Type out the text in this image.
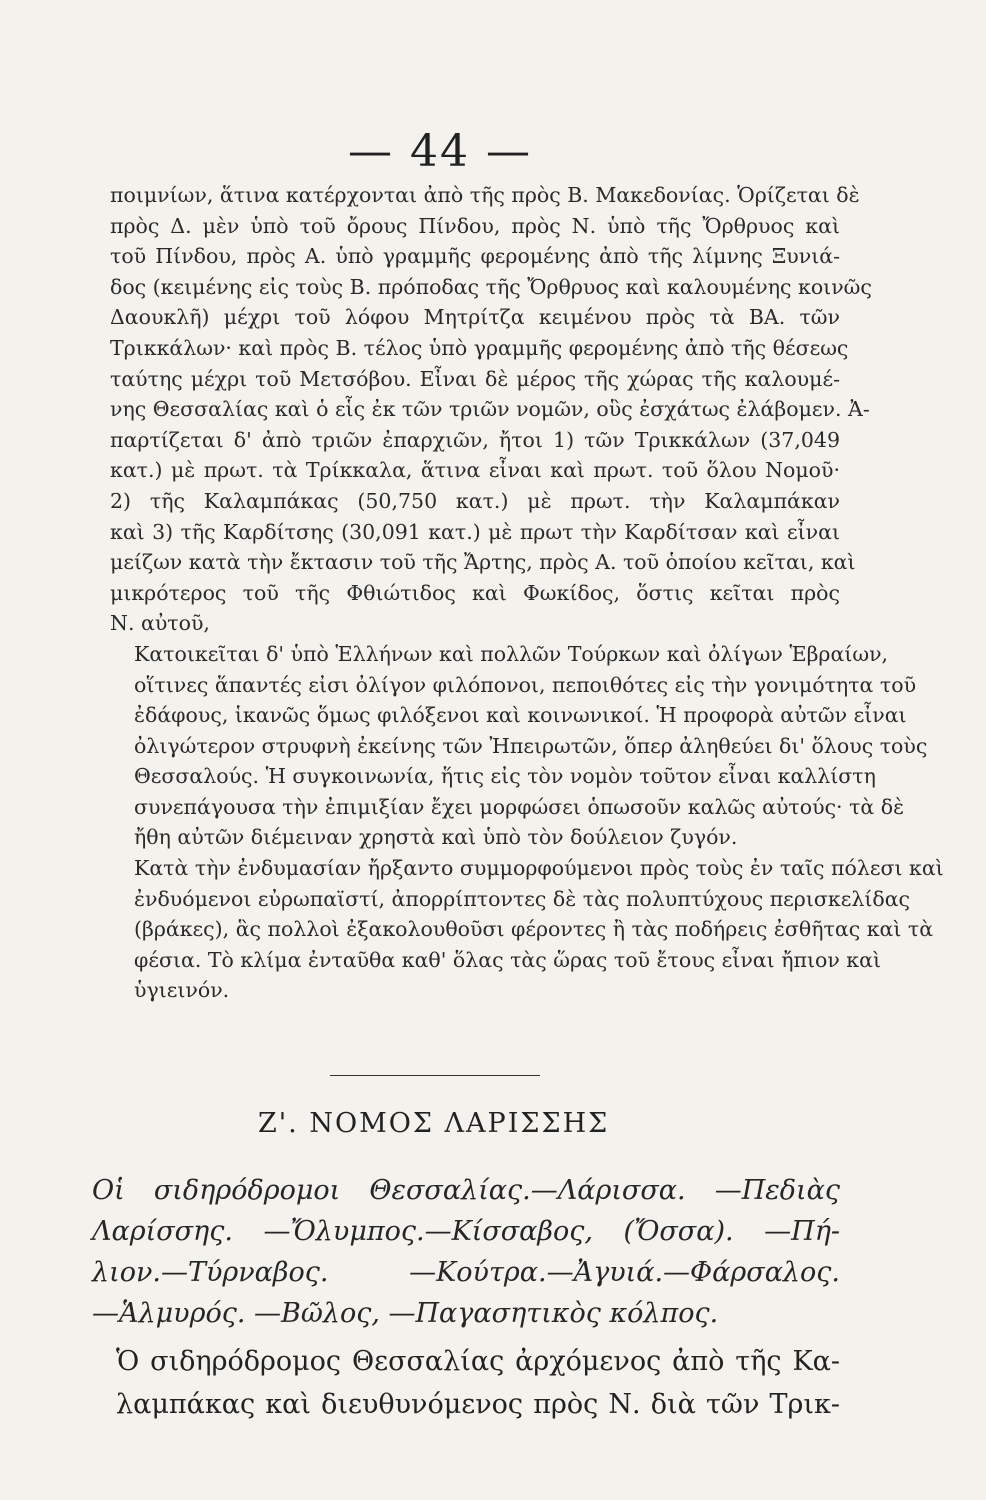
— 44 —

ποιμνίων, ἅτινα κατέρχονται ἀπὸ τῆς πρὸς Β. Μακεδονίας. Ὁρίζεται δὲ
πρὸς Δ. μὲν ὑπὸ τοῦ ὄρους Πίνδου, πρὸς Ν. ὑπὸ τῆς Ὄρθρυος καὶ
τοῦ Πίνδου, πρὸς Α. ὑπὸ γραμμῆς φερομένης ἀπὸ τῆς λίμνης Ξυνιά-
δος (κειμένης εἰς τοὺς Β. πρόποδας τῆς Ὄρθρυος καὶ καλουμένης κοινῶς
Δαουκλῆ) μέχρι τοῦ λόφου Μητρίτζα κειμένου πρὸς τὰ ΒΑ. τῶν
Τρικκάλων· καὶ πρὸς Β. τέλος ὑπὸ γραμμῆς φερομένης ἀπὸ τῆς θέσεως
ταύτης μέχρι τοῦ Μετσόβου. Εἶναι δὲ μέρος τῆς χώρας τῆς καλουμέ-
νης Θεσσαλίας καὶ ὁ εἷς ἐκ τῶν τριῶν νομῶν, οὓς ἐσχάτως ἐλάβομεν. Ἀ-
παρτίζεται δ' ἀπὸ τριῶν ἐπαρχιῶν, ἤτοι 1) τῶν Τρικκάλων (37,049
κατ.) μὲ πρωτ. τὰ Τρίκκαλα, ἅτινα εἶναι καὶ πρωτ. τοῦ ὅλου Νομοῦ·
2) τῆς Καλαμπάκας (50,750 κατ.) μὲ πρωτ. τὴν Καλαμπάκαν
καὶ 3) τῆς Καρδίτσης (30,091 κατ.) μὲ πρωτ τὴν Καρδίτσαν καὶ εἶναι
μείζων κατὰ τὴν ἔκτασιν τοῦ τῆς Ἄρτης, πρὸς Α. τοῦ ὁποίου κεῖται, καὶ
μικρότερος τοῦ τῆς Φθιώτιδος καὶ Φωκίδος, ὅστις κεῖται πρὸς
Ν. αὐτοῦ,

Κατοικεῖται δ' ὑπὸ Ἑλλήνων καὶ πολλῶν Τούρκων καὶ ὀλίγων Ἑβραίων,
οἵτινες ἅπαντές εἰσι ὀλίγον φιλόπονοι, πεποιθότες εἰς τὴν γονιμότητα τοῦ
ἐδάφους, ἱκανῶς ὅμως φιλόξενοι καὶ κοινωνικοί. Ἡ προφορὰ αὐτῶν εἶναι
ὀλιγώτερον στρυφνὴ ἐκείνης τῶν Ἠπειρωτῶν, ὅπερ ἀληθεύει δι' ὅλους τοὺς
Θεσσαλούς. Ἡ συγκοινωνία, ἥτις εἰς τὸν νομὸν τοῦτον εἶναι καλλίστη
συνεπάγουσα τὴν ἐπιμιξίαν ἔχει μορφώσει ὁπωσοῦν καλῶς αὐτούς· τὰ δὲ
ἤθη αὐτῶν διέμειναν χρηστὰ καὶ ὑπὸ τὸν δούλειον ζυγόν.

Κατὰ τὴν ἐνδυμασίαν ἤρξαντο συμμορφούμενοι πρὸς τοὺς ἐν ταῖς πόλεσι καὶ
ἐνδυόμενοι εὐρωπαϊστί, ἀπορρίπτοντες δὲ τὰς πολυπτύχους περισκελίδας
(βράκες), ἃς πολλοὶ ἐξακολουθοῦσι φέροντες ἢ τὰς ποδήρεις ἐσθῆτας καὶ τὰ
φέσια. Τὸ κλίμα ἐνταῦθα καθ' ὅλας τὰς ὥρας τοῦ ἔτους εἶναι ἤπιον καὶ
ὑγιεινόν.

Ζ'. ΝΟΜΟΣ ΛΑΡΙΣΣΗΣ
Οἱ σιδηρόδρομοι Θεσσαλίας.—Λάρισσα. —Πεδιὰς Λαρίσσης. —Ὄλυμπος.—Κίσσαβος, (Ὄσσα). —Πή- λιον.—Τύρναβος. —Κούτρα.—Ἀγυιά.—Φάρσαλος. —Ἁλμυρός. —Βῶλος, —Παγασητικὸς κόλπος.
Ὁ σιδηρόδρομος Θεσσαλίας ἀρχόμενος ἀπὸ τῆς Κα-
λαμπάκας καὶ διευθυνόμενος πρὸς Ν. διὰ τῶν Τρικ-
